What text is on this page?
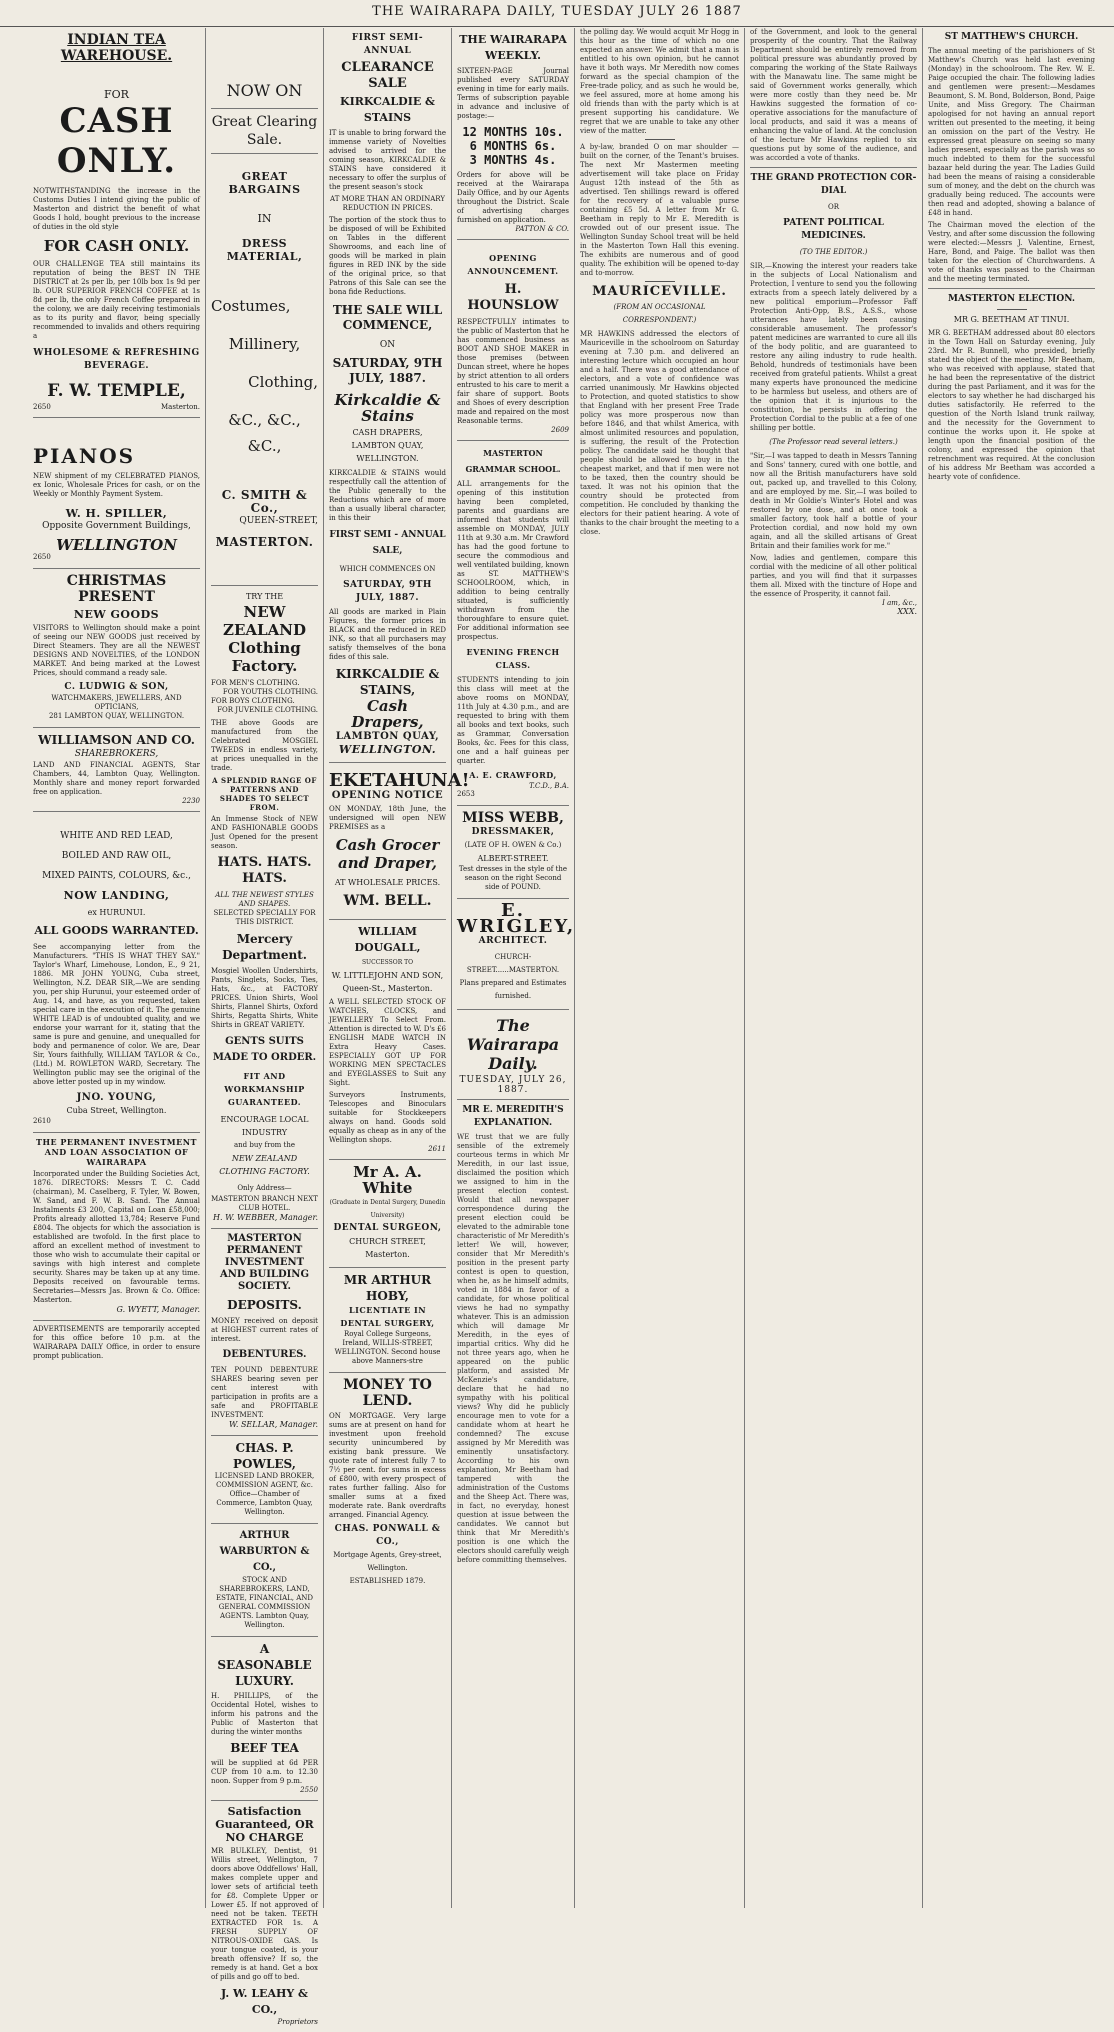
THE WAIRARAPA DAILY, TUESDAY JULY 26 1887
INDIAN TEA WAREHOUSE.
FOR
CASH ONLY.
NOTWITHSTANDING the increase in the Customs Duties I intend giving the public of Masterton and district the benefit of what Goods I hold, bought previous to the increase of duties in the old style
FOR CASH ONLY.
OUR CHALLENGE TEA still maintains its reputation of being the BEST IN THE DISTRICT at 2s per lb, per 10lb box 1s 9d per lb. OUR SUPERIOR FRENCH COFFEE at 1s 8d per lb, the only French Coffee prepared in the colony, we are daily receiving testimonials as to its purity and flavor, being specially recommended to invalids and others requiring a
WHOLESOME & REFRESHING BEVERAGE.
F. W. TEMPLE,
2650	Masterton.
PIANOS
NEW shipment of my CELEBRATED PIANOS, ex Ionic, Wholesale Prices for cash, or on the Weekly or Monthly Payment System.
W. H. SPILLER,
Opposite Government Buildings,
WELLINGTON
2650
CHRISTMAS PRESENT
NEW GOODS
VISITORS to Wellington should make a point of seeing our NEW GOODS just received by Direct Steamers. They are all the NEWEST DESIGNS AND NOVELTIES, of the LONDON MARKET. And being marked at the Lowest Prices, should command a ready sale.
C. LUDWIG & SON,
WATCHMAKERS, JEWELLERS, AND OPTICIANS,
281 LAMBTON QUAY, WELLINGTON.
WILLIAMSON AND CO.
SHAREBROKERS,
LAND AND FINANCIAL AGENTS, Star Chambers, 44, Lambton Quay, Wellington. Monthly share and money report forwarded free on application.
2230
WHITE AND RED LEAD,
BOILED AND RAW OIL,
MIXED PAINTS, COLOURS, &c.,
NOW LANDING,
ex HURUNUI.
ALL GOODS WARRANTED.
See accompanying letter from the Manufacturers. "THIS IS WHAT THEY SAY." Taylor's Wharf, Limehouse, London, E., 9 21, 1886. MR JOHN YOUNG, Cuba street, Wellington, N.Z. DEAR SIR,—We are sending you, per ship Hurunui, your esteemed order of Aug. 14, and have, as you requested, taken special care in the execution of it. The genuine WHITE LEAD is of undoubted quality, and we endorse your warrant for it, stating that the same is pure and genuine, and unequalled for body and permanence of color. We are, Dear Sir, Yours faithfully, WILLIAM TAYLOR & Co., (Ltd.) M. ROWLETON WARD, Secretary. The Wellington public may see the original of the above letter posted up in my window.
JNO. YOUNG,
Cuba Street, Wellington.
2610
THE PERMANENT INVESTMENT AND LOAN ASSOCIATION OF WAIRARAPA
Incorporated under the Building Societies Act, 1876. DIRECTORS: Messrs T. C. Cadd (chairman), M. Caselberg, F. Tyler, W. Bowen, W. Sand, and F. W. B. Sand. The Annual Instalments £3 200, Capital on Loan £58,000; Profits already allotted 13,784; Reserve Fund £804. The objects for which the association is established are twofold. In the first place to afford an excellent method of investment to those who wish to accumulate their capital or savings with high interest and complete security. Shares may be taken up at any time. Deposits received on favourable terms. Secretaries—Messrs Jas. Brown & Co. Office: Masterton.
G. WYETT, Manager.
ADVERTISEMENTS are temporarily accepted for this office before 10 p.m. at the WAIRARAPA DAILY Office, in order to ensure prompt publication.
NOW ON
Great Clearing Sale.
GREAT BARGAINS
IN
DRESS MATERIAL,
Costumes,
Millinery,
Clothing,
&C., &C., &C.,
C. SMITH & Co.,
QUEEN-STREET,
MASTERTON.
TRY THE
NEW ZEALAND Clothing Factory.
FOR MEN'S CLOTHING.
FOR YOUTHS CLOTHING.
FOR BOYS CLOTHING.
FOR JUVENILE CLOTHING.
THE above Goods are manufactured from the Celebrated MOSGIEL TWEEDS in endless variety, at prices unequalled in the trade.
A SPLENDID RANGE OF PATTERNS AND SHADES TO SELECT FROM.
An Immense Stock of NEW AND FASHIONABLE GOODS Just Opened for the present season.
HATS. HATS. HATS.
ALL THE NEWEST STYLES AND SHAPES.
SELECTED SPECIALLY FOR THIS DISTRICT.
Mercery Department.
Mosgiel Woollen Undershirts, Pants, Singlets, Socks, Ties, Hats, &c., at FACTORY PRICES. Union Shirts, Wool Shirts, Flannel Shirts, Oxford Shirts, Regatta Shirts, White Shirts in GREAT VARIETY.
GENTS SUITS MADE TO ORDER.
FIT AND WORKMANSHIP GUARANTEED.
ENCOURAGE LOCAL INDUSTRY
and buy from the
NEW ZEALAND CLOTHING FACTORY.
Only Address—
MASTERTON BRANCH NEXT CLUB HOTEL.
H. W. WEBBER, Manager.
MASTERTON PERMANENT INVESTMENT AND BUILDING SOCIETY.
DEPOSITS.
MONEY received on deposit at HIGHEST current rates of interest.
DEBENTURES.
TEN POUND DEBENTURE SHARES bearing seven per cent interest with participation in profits are a safe and PROFITABLE INVESTMENT.
W. SELLAR, Manager.
CHAS. P. POWLES,
LICENSED LAND BROKER, COMMISSION AGENT, &c. Office—Chamber of Commerce, Lambton Quay, Wellington.
ARTHUR WARBURTON & CO.,
STOCK AND SHAREBROKERS, LAND, ESTATE, FINANCIAL, AND GENERAL COMMISSION AGENTS. Lambton Quay, Wellington.
A SEASONABLE LUXURY.
H. PHILLIPS, of the Occidental Hotel, wishes to inform his patrons and the Public of Masterton that during the winter months
BEEF TEA
will be supplied at 6d PER CUP from 10 a.m. to 12.30 noon. Supper from 9 p.m.
2550
Satisfaction Guaranteed, OR NO CHARGE
MR BULKLEY, Dentist, 91 Willis street, Wellington, 7 doors above Oddfellows' Hall, makes complete upper and lower sets of artificial teeth for £8. Complete Upper or Lower £5. If not approved of need not be taken. TEETH EXTRACTED FOR 1s. A FRESH SUPPLY OF NITROUS-OXIDE GAS. Is your tongue coated, is your breath offensive? If so, the remedy is at hand. Get a box of pills and go off to bed.
J. W. LEAHY & CO.,
Proprietors
FIRST SEMI-ANNUAL
CLEARANCE SALE
KIRKCALDIE & STAINS
IT is unable to bring forward the immense variety of Novelties advised to arrived for the coming season, KIRKCALDIE & STAINS have considered it necessary to offer the surplus of the present season's stock
AT MORE THAN AN ORDINARY REDUCTION IN PRICES.
The portion of the stock thus to be disposed of will be Exhibited on Tables in the different Showrooms, and each line of goods will be marked in plain figures in RED INK by the side of the original price, so that Patrons of this Sale can see the bona fide Reductions.
THE SALE WILL COMMENCE,
ON
SATURDAY, 9TH JULY, 1887.
Kirkcaldie & Stains
CASH DRAPERS,
LAMBTON QUAY,
WELLINGTON.
KIRKCALDIE & STAINS would respectfully call the attention of the Public generally to the Reductions which are of more than a usually liberal character, in this their
FIRST SEMI - ANNUAL SALE,
WHICH COMMENCES ON
SATURDAY, 9TH JULY, 1887.
All goods are marked in Plain Figures, the former prices in BLACK and the reduced in RED INK, so that all purchasers may satisfy themselves of the bona fides of this sale.
KIRKCALDIE & STAINS,
Cash Drapers,
LAMBTON QUAY,
WELLINGTON.
EKETAHUNA!
OPENING NOTICE
ON MONDAY, 18th June, the undersigned will open NEW PREMISES as a
Cash Grocer and Draper,
AT WHOLESALE PRICES.
WM. BELL.
WILLIAM DOUGALL,
SUCCESSOR TO
W. LITTLEJOHN AND SON,
Queen-St., Masterton.
A WELL SELECTED STOCK OF WATCHES, CLOCKS, and JEWELLERY To Select From. Attention is directed to W. D's £6 ENGLISH MADE WATCH IN Extra Heavy Cases. ESPECIALLY GOT UP FOR WORKING MEN SPECTACLES and EYEGLASSES to Suit any Sight.
Surveyors Instruments, Telescopes and Binoculars suitable for Stockkeepers always on hand. Goods sold equally as cheap as in any of the Wellington shops.
2611
Mr A. A. White
(Graduate in Dental Surgery, Dunedin University)
DENTAL SURGEON,
CHURCH STREET, Masterton.
MR ARTHUR HOBY,
LICENTIATE IN DENTAL SURGERY,
Royal College Surgeons, Ireland, WILLIS-STREET, WELLINGTON. Second house above Manners-stre
MONEY TO LEND.
ON MORTGAGE. Very large sums are at present on hand for investment upon freehold security unincumbered by existing bank pressure. We quote rate of interest fully 7 to 7½ per cent. for sums in excess of £800, with every prospect of rates further falling. Also for smaller sums at a fixed moderate rate. Bank overdrafts arranged. Financial Agency.
CHAS. PONWALL & CO.,
Mortgage Agents, Grey-street, Wellington.
ESTABLISHED 1879.
THE WAIRARAPA WEEKLY.
SIXTEEN-PAGE Journal published every SATURDAY evening in time for early mails. Terms of subscription payable in advance and inclusive of postage:—
12 MONTHS 10s.
6 MONTHS 6s.
3 MONTHS 4s.
Orders for above will be received at the Wairarapa Daily Office, and by our Agents throughout the District. Scale of advertising charges furnished on application.
PATTON & CO.
OPENING ANNOUNCEMENT.
H. HOUNSLOW
RESPECTFULLY intimates to the public of Masterton that he has commenced business as BOOT AND SHOE MAKER in those premises (between Duncan street, where he hopes by strict attention to all orders entrusted to his care to merit a fair share of support. Boots and Shoes of every description made and repaired on the most Reasonable terms.
2609
MASTERTON GRAMMAR SCHOOL.
ALL arrangements for the opening of this institution having been completed, parents and guardians are informed that students will assemble on MONDAY, JULY 11th at 9.30 a.m. Mr Crawford has had the good fortune to secure the commodious and well ventilated building, known as ST. MATTHEW'S SCHOOLROOM, which, in addition to being centrally situated, is sufficiently withdrawn from the thoroughfare to ensure quiet. For additional information see prospectus.
EVENING FRENCH CLASS.
STUDENTS intending to join this class will meet at the above rooms on MONDAY, 11th July at 4.30 p.m., and are requested to bring with them all books and text books, such as Grammar, Conversation Books, &c. Fees for this class, one and a half guineas per quarter.
A. E. CRAWFORD,
T.C.D., B.A.
2653
MISS WEBB,
DRESSMAKER,
(LATE OF H. OWEN & Co.)
ALBERT-STREET.
Test dresses in the style of the season on the right Second side of POUND.
E. WRIGLEY,
ARCHITECT.
CHURCH-STREET......MASTERTON.
Plans prepared and Estimates furnished.
The Wairarapa Daily.
TUESDAY, JULY 26, 1887.
MR E. MEREDITH'S EXPLANATION.
WE trust that we are fully sensible of the extremely courteous terms in which Mr Meredith, in our last issue, disclaimed the position which we assigned to him in the present election contest. Would that all newspaper correspondence during the present election could be elevated to the admirable tone characteristic of Mr Meredith's letter! We will, however, consider that Mr Meredith's position in the present party contest is open to question, when he, as he himself admits, voted in 1884 in favor of a candidate, for whose political views he had no sympathy whatever. This is an admission which will damage Mr Meredith, in the eyes of impartial critics. Why did he not three years ago, when he appeared on the public platform, and assisted Mr McKenzie's candidature, declare that he had no sympathy with his political views? Why did he publicly encourage men to vote for a candidate whom at heart he condemned? The excuse assigned by Mr Meredith was eminently unsatisfactory. According to his own explanation, Mr Beetham had tampered with the administration of the Customs and the Sheep Act. There was, in fact, no everyday, honest question at issue between the candidates. We cannot but think that Mr Meredith's position is one which the electors should carefully weigh before committing themselves.
the polling day. We would acquit Mr Hogg in this hour as the time of which no one expected an answer. We admit that a man is entitled to his own opinion, but he cannot have it both ways. Mr Meredith now comes forward as the special champion of the Free-trade policy, and as such he would be, we feel assured, more at home among his old friends than with the party which is at present supporting his candidature. We regret that we are unable to take any other view of the matter.
A by-law, branded O on mar shoulder — built on the corner, of the Tenant's bruises. The next Mr Mastermen meeting advertisement will take place on Friday August 12th instead of the 5th as advertised. Ten shillings reward is offered for the recovery of a valuable purse containing £5 5d. A letter from Mr G. Beetham in reply to Mr E. Meredith is crowded out of our present issue. The Wellington Sunday School treat will be held in the Masterton Town Hall this evening. The exhibits are numerous and of good quality. The exhibition will be opened to-day and to-morrow.
MAURICEVILLE.
(FROM AN OCCASIONAL CORRESPONDENT.)
MR HAWKINS addressed the electors of Mauriceville in the schoolroom on Saturday evening at 7.30 p.m. and delivered an interesting lecture which occupied an hour and a half. There was a good attendance of electors, and a vote of confidence was carried unanimously. Mr Hawkins objected to Protection, and quoted statistics to show that England with her present Free Trade policy was more prosperous now than before 1846, and that whilst America, with almost unlimited resources and population, is suffering, the result of the Protection policy. The candidate said he thought that people should be allowed to buy in the cheapest market, and that if men were not to be taxed, then the country should be taxed. It was not his opinion that the country should be protected from competition. He concluded by thanking the electors for their patient hearing. A vote of thanks to the chair brought the meeting to a close.
of the Government, and look to the general prosperity of the country. That the Railway Department should be entirely removed from political pressure was abundantly proved by comparing the working of the State Railways with the Manawatu line. The same might be said of Government works generally, which were more costly than they need be. Mr Hawkins suggested the formation of co-operative associations for the manufacture of local products, and said it was a means of enhancing the value of land. At the conclusion of the lecture Mr Hawkins replied to six questions put by some of the audience, and was accorded a vote of thanks.
THE GRAND PROTECTION COR-DIAL
OR
PATENT POLITICAL MEDICINES.
(TO THE EDITOR.)
SIR,—Knowing the interest your readers take in the subjects of Local Nationalism and Protection, I venture to send you the following extracts from a speech lately delivered by a new political emporium—Professor Faff Protection Anti-Opp, B.S., A.S.S., whose utterances have lately been causing considerable amusement. The professor's patent medicines are warranted to cure all ills of the body politic, and are guaranteed to restore any ailing industry to rude health. Behold, hundreds of testimonials have been received from grateful patients. Whilst a great many experts have pronounced the medicine to be harmless but useless, and others are of the opinion that it is injurious to the constitution, he persists in offering the Protection Cordial to the public at a fee of one shilling per bottle.
(The Professor read several letters.)
"Sir,—I was tapped to death in Messrs Tanning and Sons' tannery, cured with one bottle, and now all the British manufacturers have sold out, packed up, and travelled to this Colony, and are employed by me. Sir,—I was boiled to death in Mr Goldie's Winter's Hotel and was restored by one dose, and at once took a smaller factory, took half a bottle of your Protection cordial, and now hold my own again, and all the skilled artisans of Great Britain and their families work for me."
Now, ladies and gentlemen, compare this cordial with the medicine of all other political parties, and you will find that it surpasses them all. Mixed with the tincture of Hope and the essence of Prosperity, it cannot fail.
I am, &c.,
XXX.
ST MATTHEW'S CHURCH.
The annual meeting of the parishioners of St Matthew's Church was held last evening (Monday) in the schoolroom. The Rev. W. E. Paige occupied the chair. The following ladies and gentlemen were present:—Mesdames Beaumont, S. M. Bond, Bolderson, Bond, Paige Unite, and Miss Gregory. The Chairman apologised for not having an annual report written out presented to the meeting, it being an omission on the part of the Vestry. He expressed great pleasure on seeing so many ladies present, especially as the parish was so much indebted to them for the successful bazaar held during the year. The Ladies Guild had been the means of raising a considerable sum of money, and the debt on the church was gradually being reduced. The accounts were then read and adopted, showing a balance of £48 in hand.
The Chairman moved the election of the Vestry, and after some discussion the following were elected:—Messrs J. Valentine, Ernest, Hare, Bond, and Paige. The ballot was then taken for the election of Churchwardens. A vote of thanks was passed to the Chairman and the meeting terminated.
MASTERTON ELECTION.
MR G. BEETHAM AT TINUI.
MR G. BEETHAM addressed about 80 electors in the Town Hall on Saturday evening, July 23rd. Mr R. Bunnell, who presided, briefly stated the object of the meeting. Mr Beetham, who was received with applause, stated that he had been the representative of the district during the past Parliament, and it was for the electors to say whether he had discharged his duties satisfactorily. He referred to the question of the North Island trunk railway, and the necessity for the Government to continue the works upon it. He spoke at length upon the financial position of the colony, and expressed the opinion that retrenchment was required. At the conclusion of his address Mr Beetham was accorded a hearty vote of confidence.
